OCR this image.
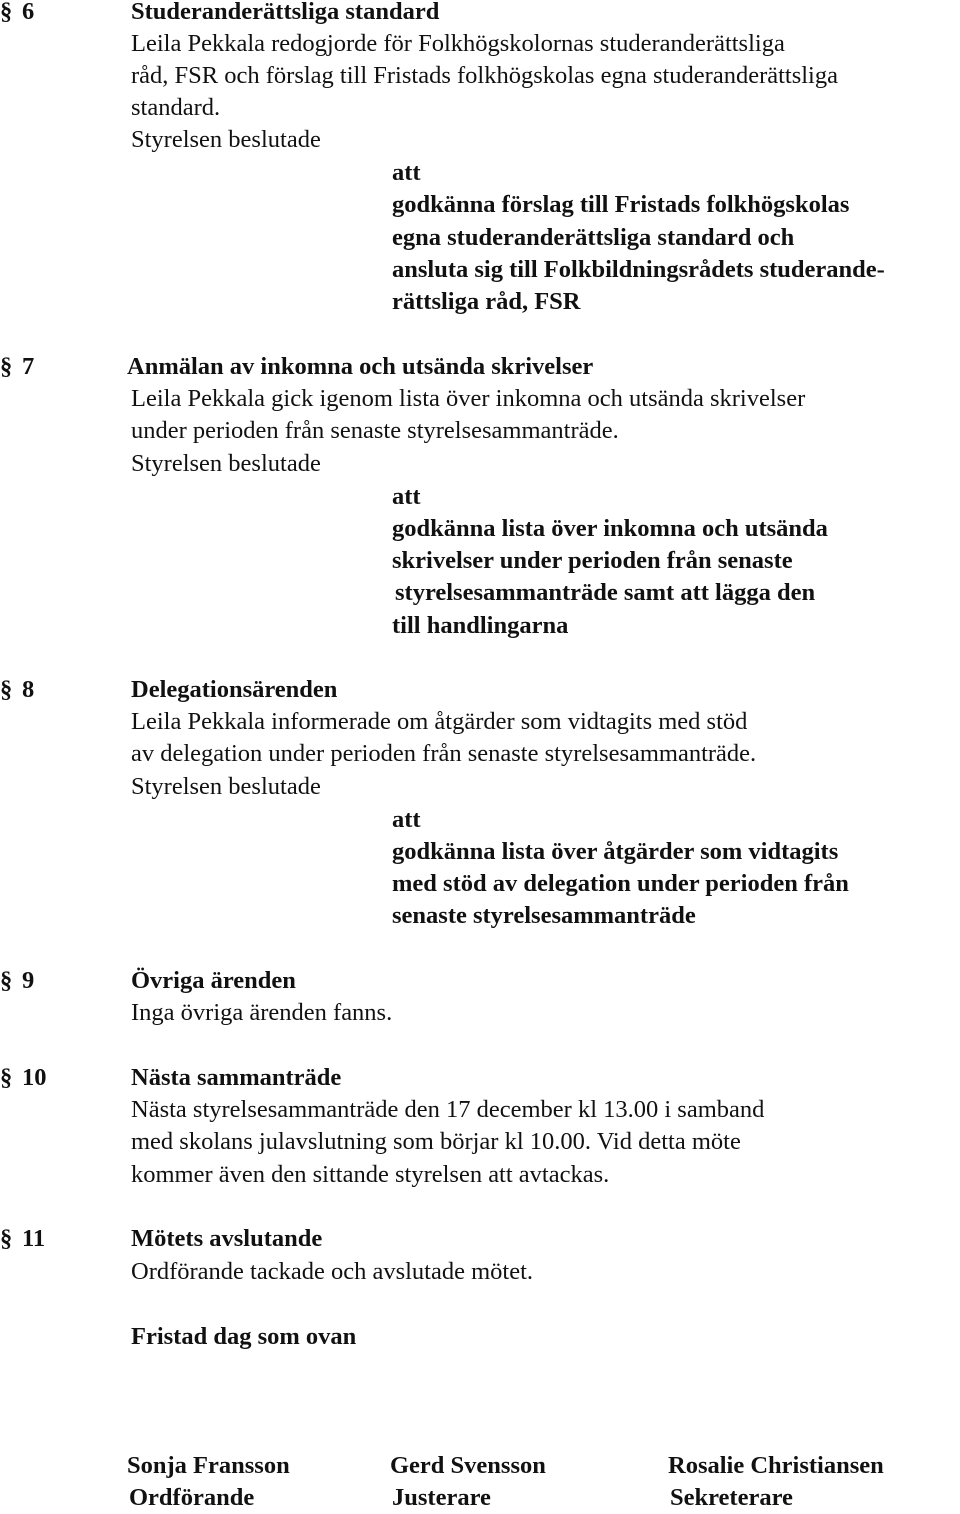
§ 6	Studeranderättsliga standard
Leila Pekkala redogjorde för Folkhögskolornas studeranderättsliga
råd, FSR och förslag till Fristads folkhögskolas egna studeranderättsliga
standard.
Styrelsen beslutade
att
godkänna förslag till Fristads folkhögskolas
egna studeranderättsliga standard och
ansluta sig till Folkbildningsrådets studerande-
rättsliga råd, FSR
§ 7	Anmälan av inkomna och utsända skrivelser
Leila Pekkala gick igenom lista över inkomna och utsända skrivelser
under perioden från senaste styrelsesammanträde.
Styrelsen beslutade
att
godkänna lista över inkomna och utsända
skrivelser under perioden från senaste
styrelsesammanträde samt att lägga den
till handlingarna
§ 8	Delegationsärenden
Leila Pekkala informerade om åtgärder som vidtagits med stöd
av delegation under perioden från senaste styrelsesammanträde.
Styrelsen beslutade
att
godkänna lista över åtgärder som vidtagits
med stöd av delegation under perioden från
senaste styrelsesammanträde
§ 9	Övriga ärenden
Inga övriga ärenden fanns.
§ 10	Nästa sammanträde
Nästa styrelsesammanträde den 17 december kl 13.00 i samband
med skolans julavslutning som börjar kl 10.00. Vid detta möte
kommer även den sittande styrelsen att avtackas.
§ 11	Mötets avslutande
Ordförande tackade och avslutade mötet.
Fristad dag som ovan
Sonja Fransson
Ordförande
Gerd Svensson
Justerare
Rosalie Christiansen
Sekreterare
